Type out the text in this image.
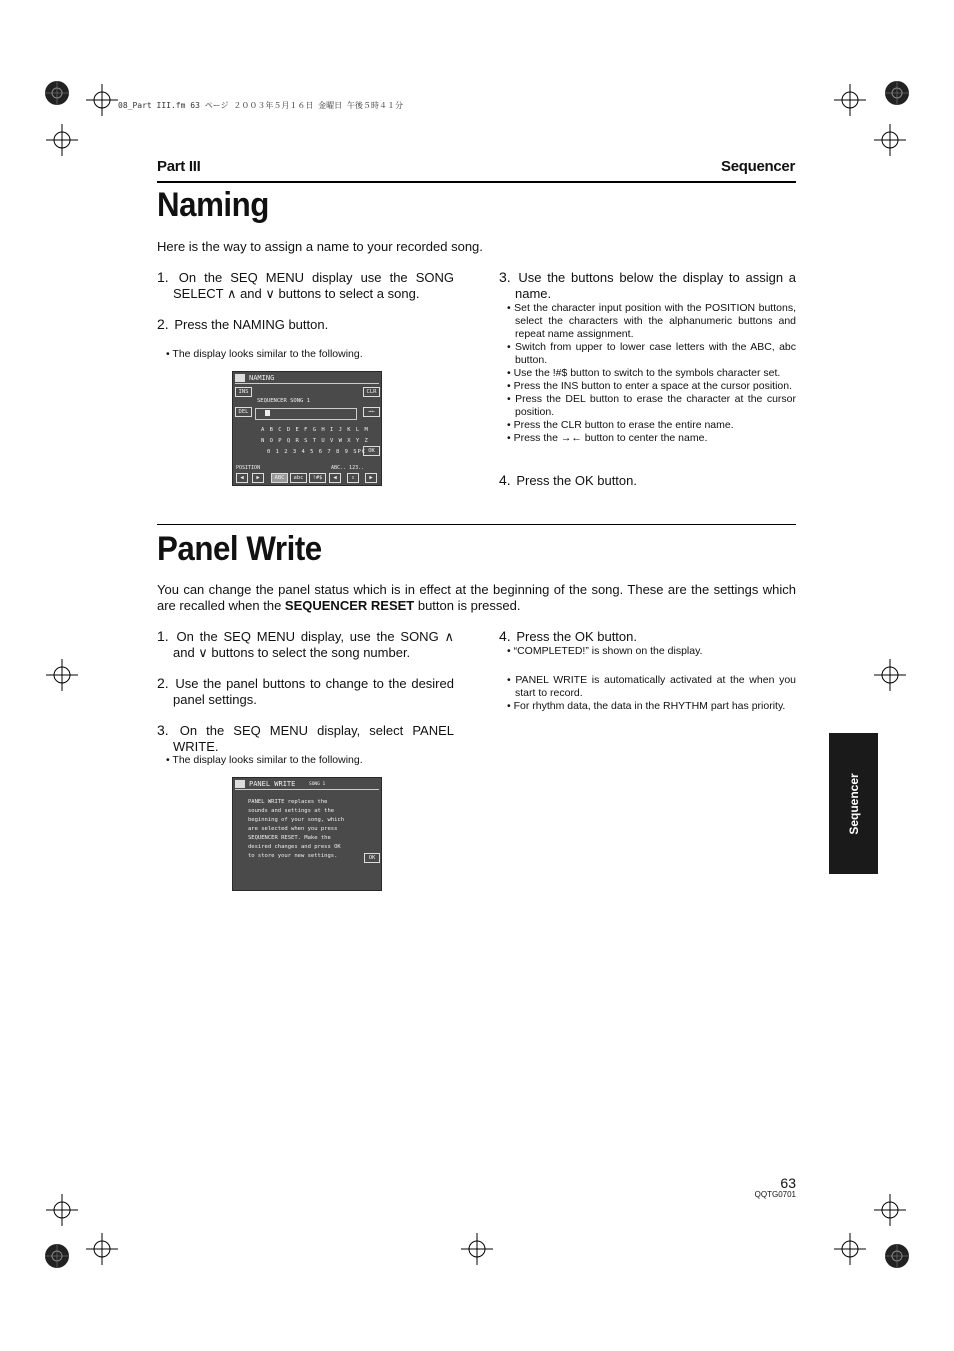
08_Part III.fm 63 ページ ２００３年５月１６日 金曜日 午後５時４１分
Part III	Sequencer
Naming
Here is the way to assign a name to your recorded song.
1. On the SEQ MENU display use the SONG SELECT ∧ and ∨ buttons to select a song.
2. Press the NAMING button.
• The display looks similar to the following.
NAMING
INS	CLR
SEQUENCER SONG 1
DEL	→←
A B C D E F G H I J K L M
N O P Q R S T U V W X Y Z
0 1 2 3 4 5 6 7 8 9 SPC OK
POSITION	ABC.. 123..
◀	▶	ABC	abc	!#$	◀	⇕	▶
3. Use the buttons below the display to assign a name.
• Set the character input position with the POSITION buttons, select the characters with the alphanumeric buttons and repeat name assignment.
• Switch from upper to lower case letters with the ABC, abc button.
• Use the !#$ button to switch to the symbols character set.
• Press the INS button to enter a space at the cursor position.
• Press the DEL button to erase the character at the cursor position.
• Press the CLR button to erase the entire name.
• Press the →← button to center the name.
4. Press the OK button.
Panel Write
You can change the panel status which is in effect at the beginning of the song. These are the settings which are recalled when the SEQUENCER RESET button is pressed.
1. On the SEQ MENU display, use the SONG ∧ and ∨ buttons to select the song number.
2. Use the panel buttons to change to the desired panel settings.
3. On the SEQ MENU display, select PANEL WRITE.
• The display looks similar to the following.
PANEL WRITE	SONG 1
PANEL WRITE replaces the
sounds and settings at the
beginning of your song, which
are selected when you press
SEQUENCER RESET. Make the
desired changes and press OK
to store your new settings.	OK
4. Press the OK button.
• “COMPLETED!” is shown on the display.
• PANEL WRITE is automatically activated at the when you start to record.
• For rhythm data, the data in the RHYTHM part has priority.
Sequencer
63
QQTG0701
